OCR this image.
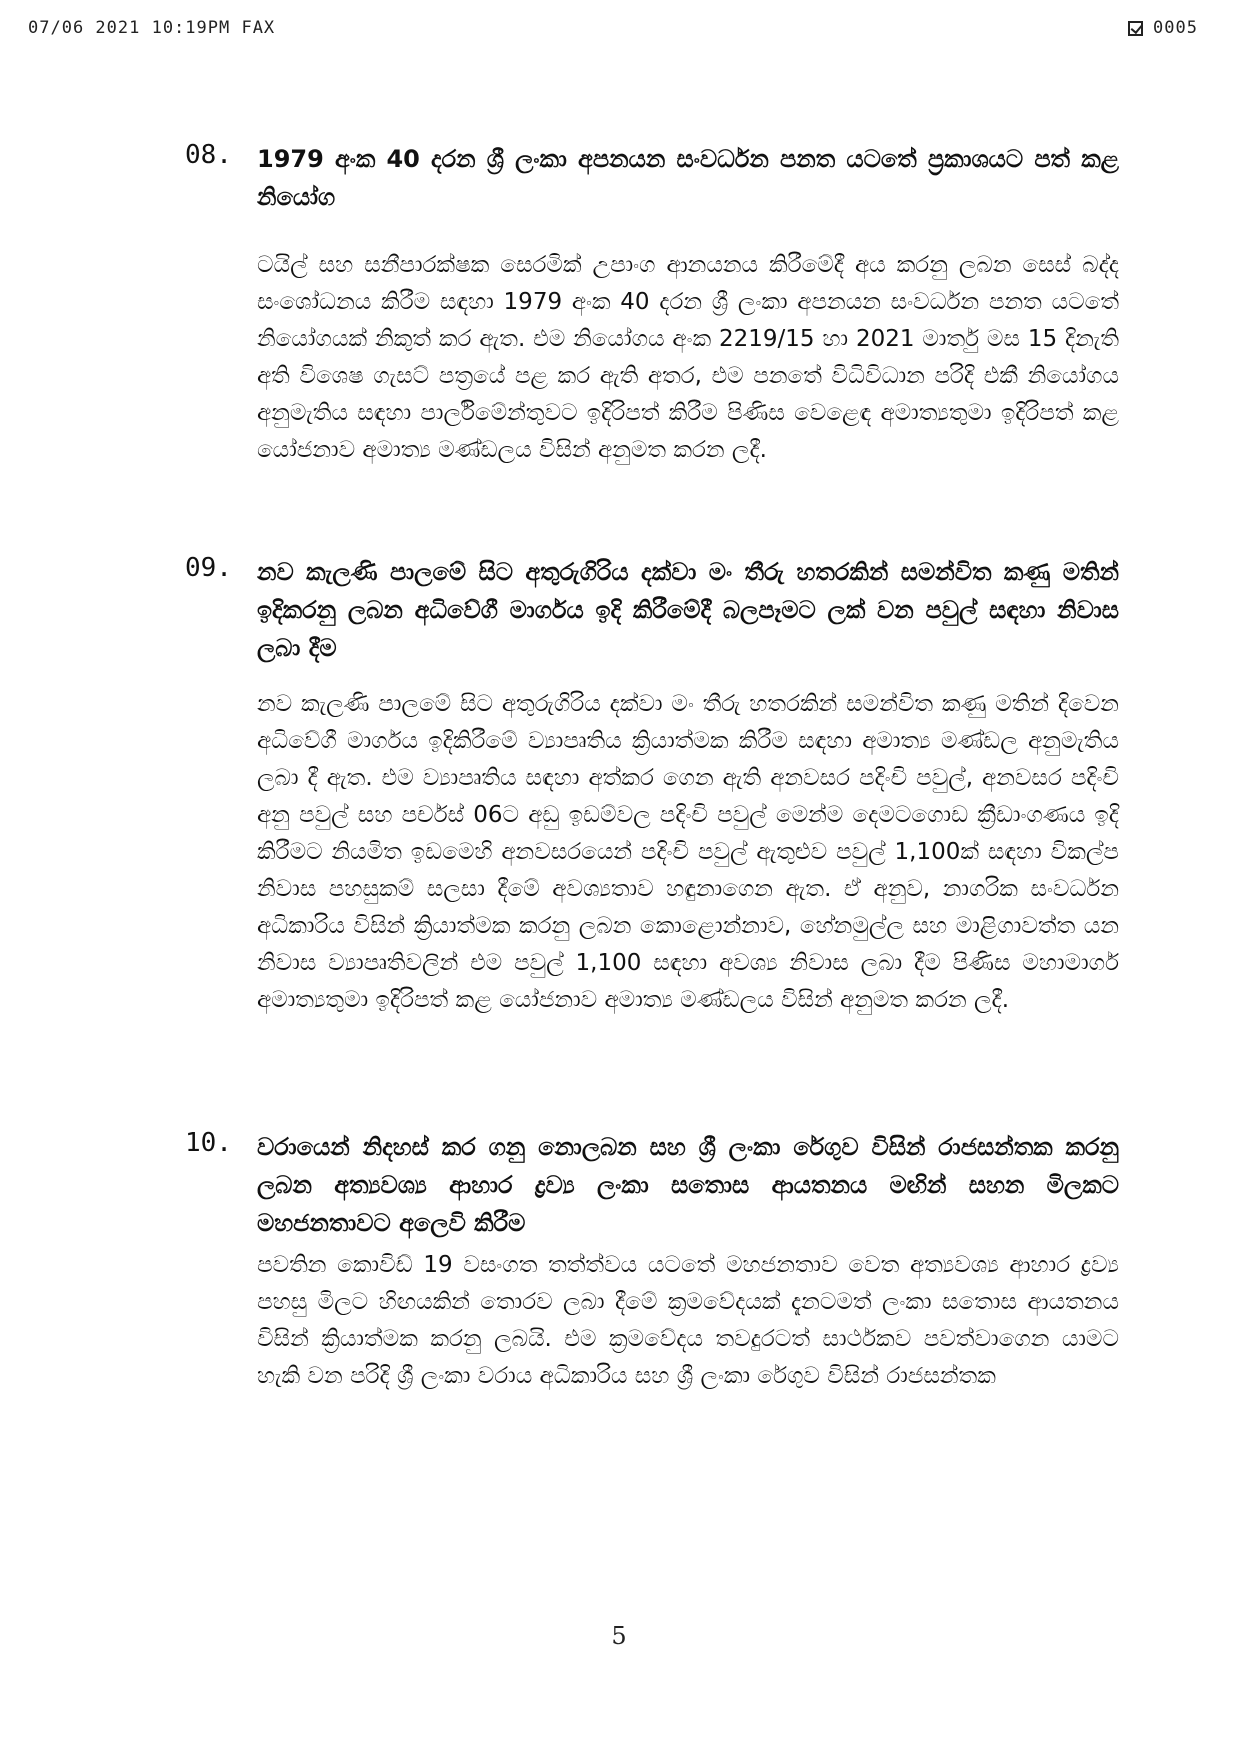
07/06 2021 10:19PM FAX	0005
08. 1979 අංක 40 දරන ශ්‍රී ලංකා අපනයන සංවර්ධන පනත යටතේ ප්‍රකාශයට පත් කළ නියෝග
ටයිල් සහ සනීපාරක්ෂක සෙරමික් උපාංග ආනයනය කිරීමේදී අය කරනු ලබන සෙස් බද්ද සංශෝධනය කිරීම සඳහා 1979 අංක 40 දරන ශ්‍රී ලංකා අපනයන සංවර්ධන පනත යටතේ නියෝගයක් නිකුත් කර ඇත. එම නියෝගය අංක 2219/15 හා 2021 මාර්තු මස 15 දිනැති අති විශෙෂ ගැසට් පත්‍රයේ පළ කර ඇති අතර, එම පනතේ විධිවිධාන පරිදි එකී නියෝගය අනුමැතිය සඳහා පාර්ලිමේන්තුවට ඉදිරිපත් කිරීම පිණිස වෙළෙඳ අමාත්‍යතුමා ඉදිරිපත් කළ යෝජනාව අමාත්‍ය මණ්ඩලය විසින් අනුමත කරන ලදී.
09. නව කැලණි පාලමේ සිට අතුරුගිරිය දක්වා මං තීරු හතරකින් සමන්විත කණු මතින් ඉදිකරනු ලබන අධිවේගී මාර්ගය ඉදි කිරීමේදී බලපෑමට ලක් වන පවුල් සඳහා නිවාස ලබා දීම
නව කැලණි පාලමේ සිට අතුරුගිරිය දක්වා මං තීරු හතරකින් සමන්විත කණු මතින් දිවෙන අධිවේගී මාර්ගය ඉදිකිරීමේ ව්‍යාපෘතිය ක්‍රියාත්මක කිරීම සඳහා අමාත්‍ය මණ්ඩල අනුමැතිය ලබා දී ඇත. එම ව්‍යාපෘතිය සඳහා අත්කර ගෙන ඇති අනවසර පදිංචි පවුල්, අනවසර පදිංචි අනු පවුල් සහ පර්චස් 06ට අඩු ඉඩම්වල පදිංචි පවුල් මෙන්ම දෙමටගොඩ ක්‍රීඩාංගණය ඉදි කිරීමට නියමිත ඉඩමෙහි අනවසරයෙන් පදිංචි පවුල් ඇතුළුව පවුල් 1,100ක් සඳහා විකල්ප නිවාස පහසුකම් සලසා දීමේ අවශ්‍යතාව හඳුනාගෙන ඇත. ඒ අනුව, නාගරික සංවර්ධන අධිකාරිය විසින් ක්‍රියාත්මක කරනු ලබන කොළොන්නාව, හේනමුල්ල සහ මාළිගාවත්ත යන නිවාස ව්‍යාපෘතිවලින් එම පවුල් 1,100 සඳහා අවශ්‍ය නිවාස ලබා දීම පිණිස මහාමාර්ග අමාත්‍යතුමා ඉදිරිපත් කළ යෝජනාව අමාත්‍ය මණ්ඩලය විසින් අනුමත කරන ලදී.
10. වරායෙන් නිදහස් කර ගනු නොලබන සහ ශ්‍රී ලංකා රේගුව විසින් රාජසන්තක කරනු ලබන අත්‍යවශ්‍ය ආහාර ද්‍රව්‍ය ලංකා සතොස ආයතනය මඟින් සහන මිලකට මහජනතාවට අලෙවි කිරීම
පවතින කොවිඩ් 19 වසංගත තත්ත්වය යටතේ මහජනතාව වෙත අත්‍යවශ්‍ය ආහාර ද්‍රව්‍ය පහසු මිලට හිඟයකින් තොරව ලබා දීමේ ක්‍රමවේදයක් දැනටමත් ලංකා සතොස ආයතනය විසින් ක්‍රියාත්මක කරනු ලබයි. එම ක්‍රමවේදය තවදුරටත් සාර්ථකව පවත්වාගෙන යාමට හැකි වන පරිදි ශ්‍රී ලංකා වරාය අධිකාරිය සහ ශ්‍රී ලංකා රේගුව විසින් රාජසන්තක
5
